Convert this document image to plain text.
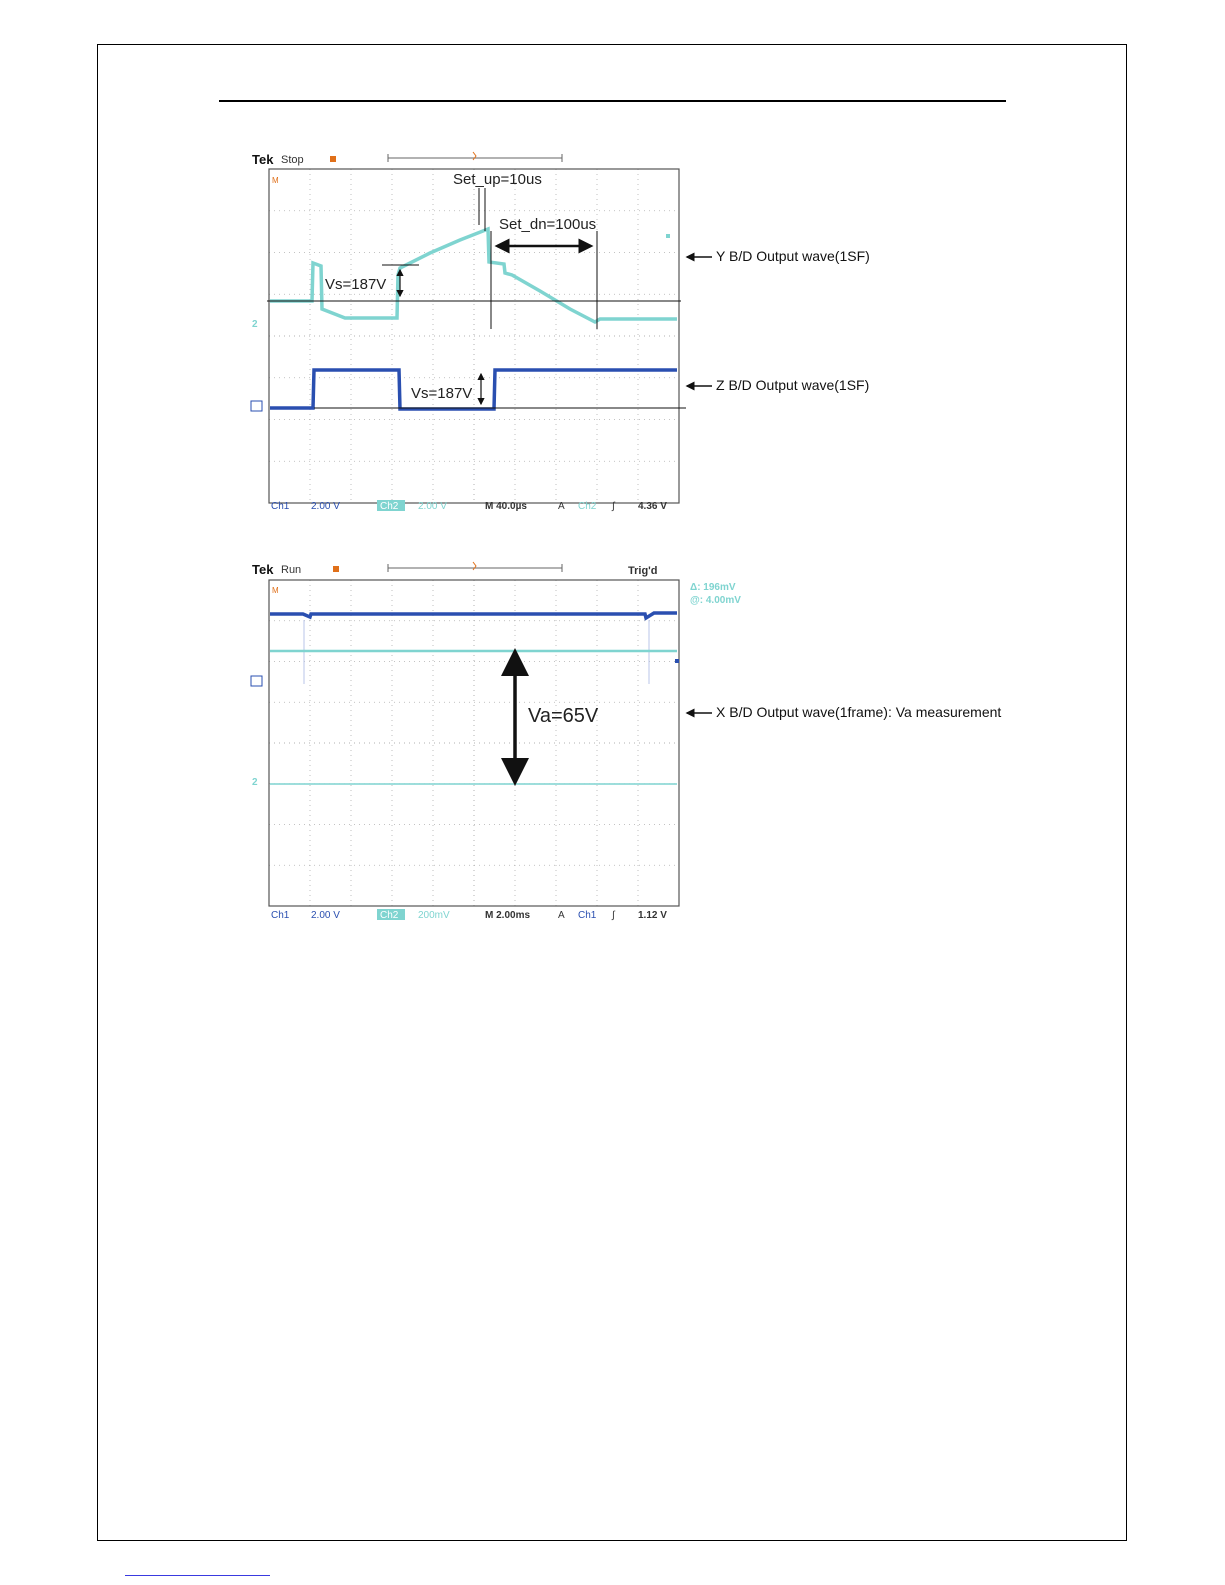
Tek Stop
M
2
Set_up=10us
Set_dn=100us
Vs=187V
Vs=187V
Ch1 2.00 V	Ch2 2.00 V	M 40.0µs	A Ch2 ∫ 4.36 V
Y B/D Output wave(1SF)
Z B/D Output wave(1SF)
Tek Run	Trig'd
M	Δ: 196mV
@: 4.00mV
2
Va=65V
Ch1 2.00 V	Ch2 200mV	M 2.00ms	A Ch1 ∫ 1.12 V
X B/D Output wave(1frame): Va measurement
